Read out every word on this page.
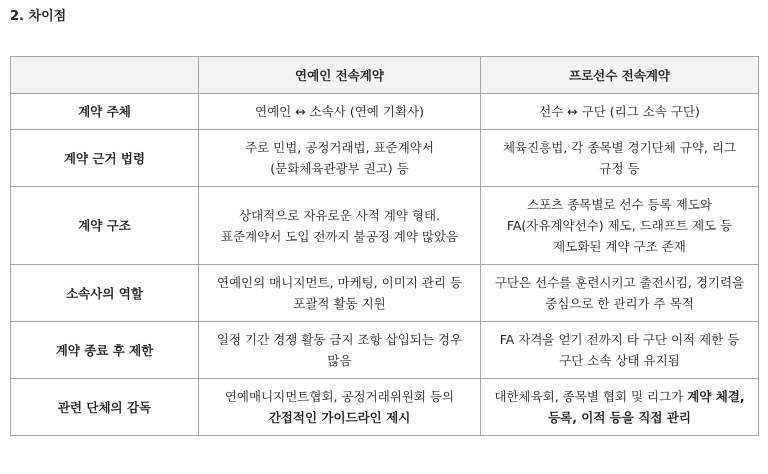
2. 차이점
	연예인 전속계약	프로선수 전속계약
계약 주체	연예인 ↔ 소속사 (연예 기획사)	선수 ↔ 구단 (리그 소속 구단)
계약 근거 법령	주로 민법, 공정거래법, 표준계약서 (문화체육관광부 권고) 등	체육진흥법, 각 종목별 경기단체 규약, 리그 규정 등
계약 구조	상대적으로 자유로운 사적 계약 형태. 표준계약서 도입 전까지 불공정 계약 많았음	스포츠 종목별로 선수 등록 제도와 FA(자유계약선수) 제도, 드래프트 제도 등 제도화된 계약 구조 존재
소속사의 역할	연예인의 매니지먼트, 마케팅, 이미지 관리 등 포괄적 활동 지원	구단은 선수를 훈련시키고 출전시킴, 경기력을 중심으로 한 관리가 주 목적
계약 종료 후 제한	일정 기간 경쟁 활동 금지 조항 삽입되는 경우 많음	FA 자격을 얻기 전까지 타 구단 이적 제한 등 구단 소속 상태 유지됨
관련 단체의 감독	연예매니지먼트협회, 공정거래위원회 등의 간접적인 가이드라인 제시	대한체육회, 종목별 협회 및 리그가 계약 체결, 등록, 이적 등을 직접 관리
